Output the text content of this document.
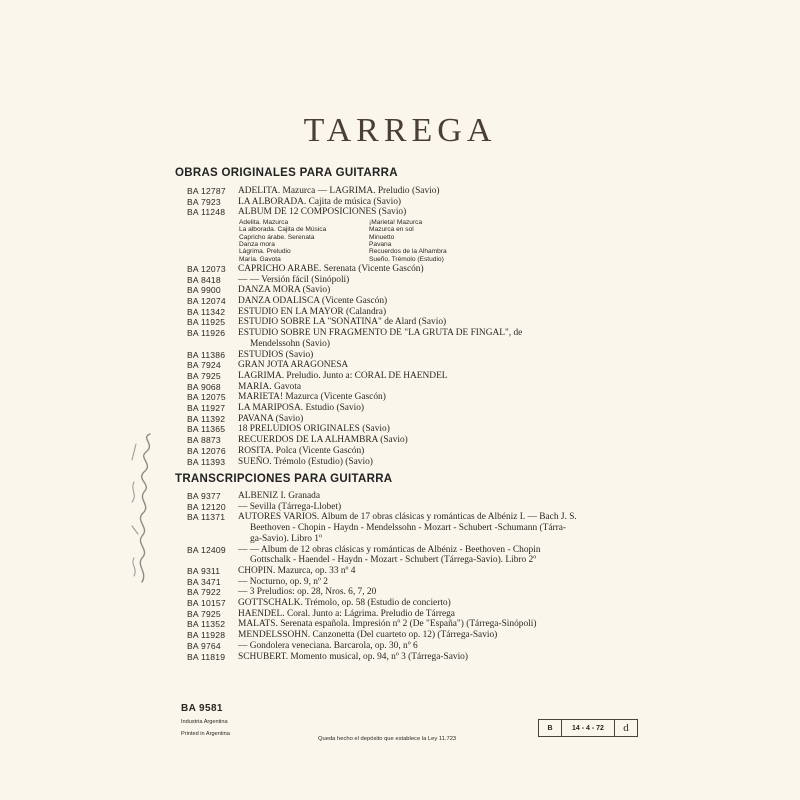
TARREGA
OBRAS ORIGINALES PARA GUITARRA
BA 12787	ADELITA. Mazurca — LAGRIMA. Preludio (Savio)
BA 7923	LA ALBORADA. Cajita de música (Savio)
BA 11248	ALBUM DE 12 COMPOSICIONES (Savio)
Adelita. Mazurca	¡Marieta! Mazurca
La alborada. Cajita de Música	Mazurca en sol
Capricho árabe. Serenata	Minuetto
Danza mora	Pavana
Lágrima. Preludio	Recuerdos de la Alhambra
María. Gavota	Sueño. Trémolo (Estudio)
BA 12073	CAPRICHO ARABE. Serenata (Vicente Gascón)
BA 8418	— — Versión fácil (Sinópoli)
BA 9900	DANZA MORA (Savio)
BA 12074	DANZA ODALISCA (Vicente Gascón)
BA 11342	ESTUDIO EN LA MAYOR (Calandra)
BA 11925	ESTUDIO SOBRE LA "SONATINA" de Alard (Savio)
BA 11926	ESTUDIO SOBRE UN FRAGMENTO DE "LA GRUTA DE FINGAL", de
Mendelssohn (Savio)
BA 11386	ESTUDIOS (Savio)
BA 7924	GRAN JOTA ARAGONESA
BA 7925	LAGRIMA. Preludio. Junto a: CORAL DE HAENDEL
BA 9068	MARIA. Gavota
BA 12075	MARIETA! Mazurca (Vicente Gascón)
BA 11927	LA MARIPOSA. Estudio (Savio)
BA 11392	PAVANA (Savio)
BA 11365	18 PRELUDIOS ORIGINALES (Savio)
BA 8873	RECUERDOS DE LA ALHAMBRA (Savio)
BA 12076	ROSITA. Polca (Vicente Gascón)
BA 11393	SUEÑO. Trémolo (Estudio) (Savio)
TRANSCRIPCIONES PARA GUITARRA
BA 9377	ALBENIZ I. Granada
BA 12120	— Sevilla (Tárrega-Llobet)
BA 11371	AUTORES VARIOS. Album de 17 obras clásicas y románticas de Albéniz I. — Bach J. S.
Beethoven - Chopin - Haydn - Mendelssohn - Mozart - Schubert -Schumann (Tárra-
ga-Savio). Libro 1º
BA 12409	— — Album de 12 obras clásicas y románticas de Albéniz - Beethoven - Chopin
Gottschalk - Haendel - Haydn - Mozart - Schubert (Tárrega-Savio). Libro 2º
BA 9311	CHOPIN. Mazurca, op. 33 nº 4
BA 3471	— Nocturno, op. 9, nº 2
BA 7922	— 3 Preludios: op. 28, Nros. 6, 7, 20
BA 10157	GOTTSCHALK. Trémolo, op. 58 (Estudio de concierto)
BA 7925	HAENDEL. Coral. Junto a: Lágrima. Preludio de Tárrega
BA 11352	MALATS. Serenata española. Impresión nº 2 (De "España") (Tárrega-Sinópoli)
BA 11928	MENDELSSOHN. Canzonetta (Del cuarteto op. 12) (Tárrega-Savio)
BA 9764	— Gondolera veneciana. Barcarola, op. 30, nº 6
BA 11819	SCHUBERT. Momento musical, op. 94, nº 3 (Tárrega-Savio)
BA 9581
Industria Argentina
Printed in Argentina
Queda hecho el depósito que establece la Ley 11.723
B	14 - 4 - 72	d
